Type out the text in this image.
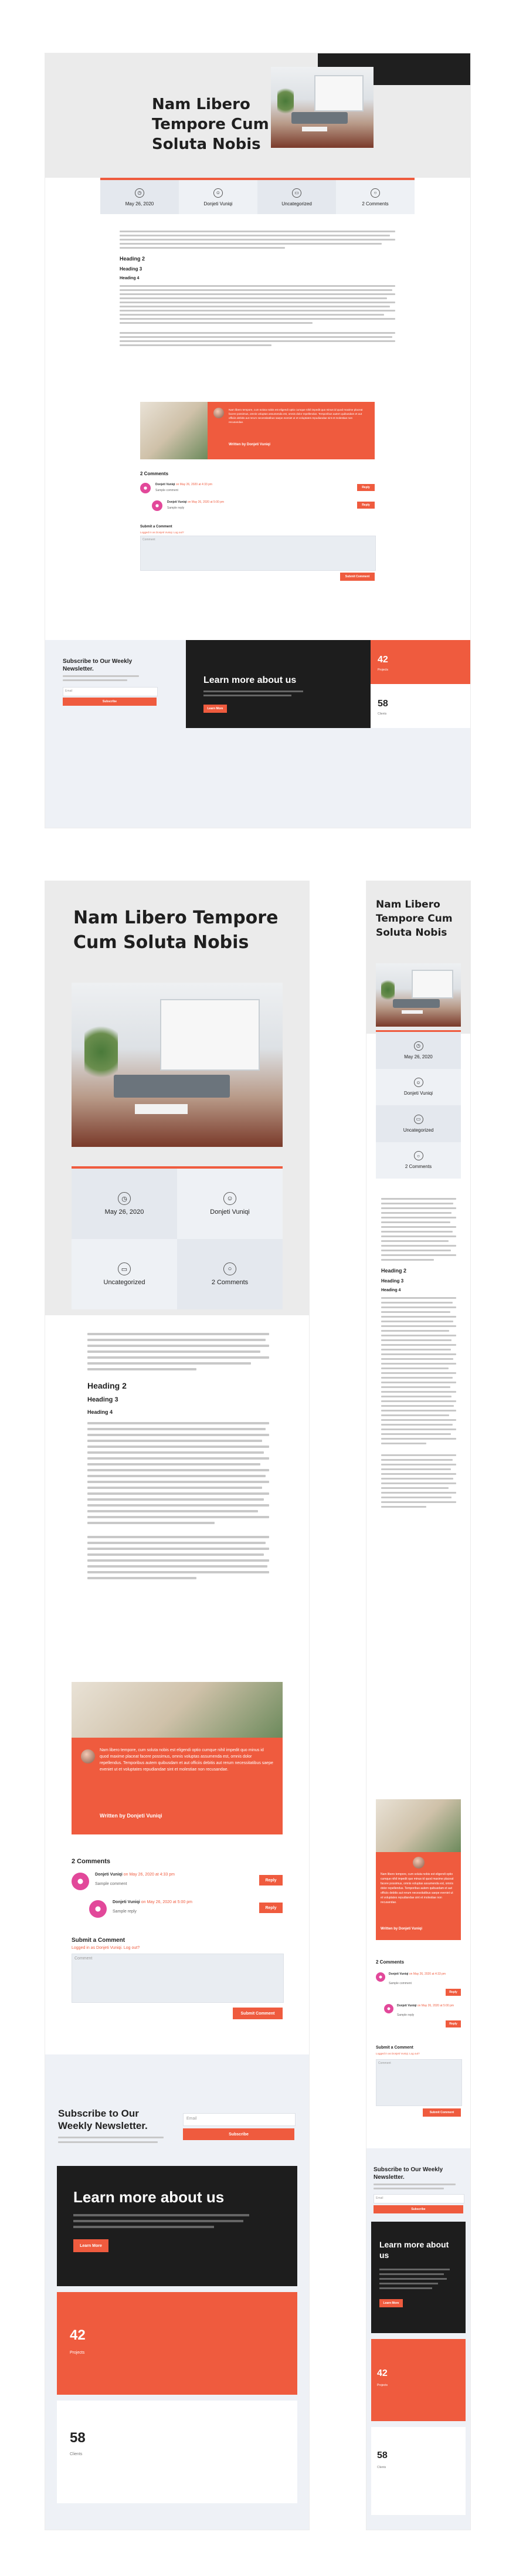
Nam Libero Tempore Cum Soluta Nobis
◷
May 26, 2020
☺
Donjeti Vuniqi
▭
Uncategorized
○
2 Comments
Heading 2
Heading 3
Heading 4
Nam libero tempore, cum soluta nobis est eligendi optio cumque nihil impedit quo minus id quod maxime placeat facere possimus, omnis voluptas assumenda est, omnis dolor repellendus. Temporibus autem quibusdam et aut officiis debitis aut rerum necessitatibus saepe eveniet ut et voluptates repudiandae sint et molestiae non recusandae.
Written by Donjeti Vuniqi
2 Comments
Donjeti Vuniqi on May 26, 2020 at 4:33 pm
Sample comment
Reply
Donjeti Vuniqi on May 26, 2020 at 5:00 pm
Sample reply
Reply
Submit a Comment
Logged in as Donjeti Vuniqi. Log out?
Comment
Submit Comment
Subscribe to Our Weekly Newsletter.
Email
Subscribe
Learn more about us
Learn More
42
Projects
58
Clients
Nam Libero Tempore Cum Soluta Nobis
◷
May 26, 2020
☺
Donjeti Vuniqi
▭
Uncategorized
○
2 Comments
Heading 2
Heading 3
Heading 4
Nam libero tempore, cum soluta nobis est eligendi optio cumque nihil impedit quo minus id quod maxime placeat facere possimus, omnis voluptas assumenda est, omnis dolor repellendus. Temporibus autem quibusdam et aut officiis debitis aut rerum necessitatibus saepe eveniet ut et voluptates repudiandae sint et molestiae non recusandae.
Written by Donjeti Vuniqi
2 Comments
Donjeti Vuniqi on May 26, 2020 at 4:33 pm
Sample comment
Reply
Donjeti Vuniqi on May 26, 2020 at 5:00 pm
Sample reply
Reply
Submit a Comment
Logged in as Donjeti Vuniqi. Log out?
Comment
Submit Comment
Subscribe to Our Weekly Newsletter.
Email
Subscribe
Learn more about us
Learn More
42
Projects
58
Clients
Nam Libero Tempore Cum Soluta Nobis
◷
May 26, 2020
☺
Donjeti Vuniqi
▭
Uncategorized
○
2 Comments
Heading 2
Heading 3
Heading 4
Nam libero tempore, cum soluta nobis est eligendi optio cumque nihil impedit quo minus id quod maxime placeat facere possimus, omnis voluptas assumenda est, omnis dolor repellendus. Temporibus autem quibusdam et aut officiis debitis aut rerum necessitatibus saepe eveniet ut et voluptates repudiandae sint et molestiae non recusandae.
Written by Donjeti Vuniqi
2 Comments
Donjeti Vuniqi on May 26, 2020 at 4:33 pm
Sample comment
Reply
Donjeti Vuniqi on May 26, 2020 at 5:00 pm
Sample reply
Reply
Submit a Comment
Logged in as Donjeti Vuniqi. Log out?
Comment
Submit Comment
Subscribe to Our Weekly Newsletter.
Email
Subscribe
Learn more about us
Learn More
42
Projects
58
Clients
